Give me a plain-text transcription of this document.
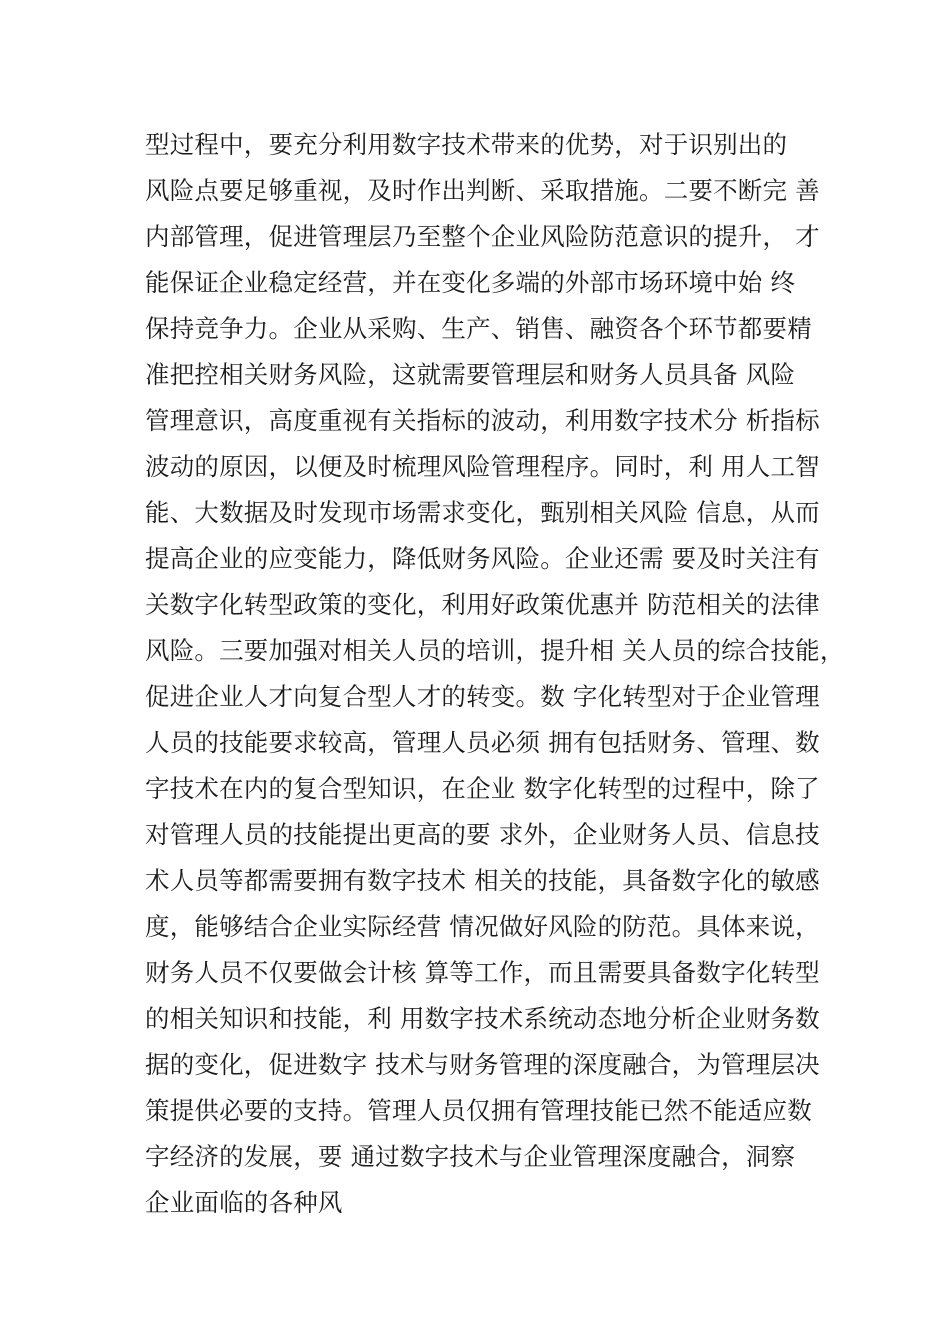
型过程中，要充分利用数字技术带来的优势，对于识别出的
风险点要足够重视，及时作出判断、采取措施。二要不断完 善
内部管理，促进管理层乃至整个企业风险防范意识的提升， 才
能保证企业稳定经营，并在变化多端的外部市场环境中始 终
保持竞争力。企业从采购、生产、销售、融资各个环节都要精
准把控相关财务风险，这就需要管理层和财务人员具备 风险
管理意识，高度重视有关指标的波动，利用数字技术分 析指标
波动的原因，以便及时梳理风险管理程序。同时，利 用人工智
能、大数据及时发现市场需求变化，甄别相关风险 信息，从而
提高企业的应变能力，降低财务风险。企业还需 要及时关注有
关数字化转型政策的变化，利用好政策优惠并 防范相关的法律
风险。三要加强对相关人员的培训，提升相 关人员的综合技能，
促进企业人才向复合型人才的转变。数 字化转型对于企业管理
人员的技能要求较高，管理人员必须 拥有包括财务、管理、数
字技术在内的复合型知识，在企业 数字化转型的过程中，除了
对管理人员的技能提出更高的要 求外，企业财务人员、信息技
术人员等都需要拥有数字技术 相关的技能，具备数字化的敏感
度，能够结合企业实际经营 情况做好风险的防范。具体来说，
财务人员不仅要做会计核 算等工作，而且需要具备数字化转型
的相关知识和技能，利 用数字技术系统动态地分析企业财务数
据的变化，促进数字 技术与财务管理的深度融合，为管理层决
策提供必要的支持。管理人员仅拥有管理技能已然不能适应数
字经济的发展，要 通过数字技术与企业管理深度融合，洞察
企业面临的各种风
